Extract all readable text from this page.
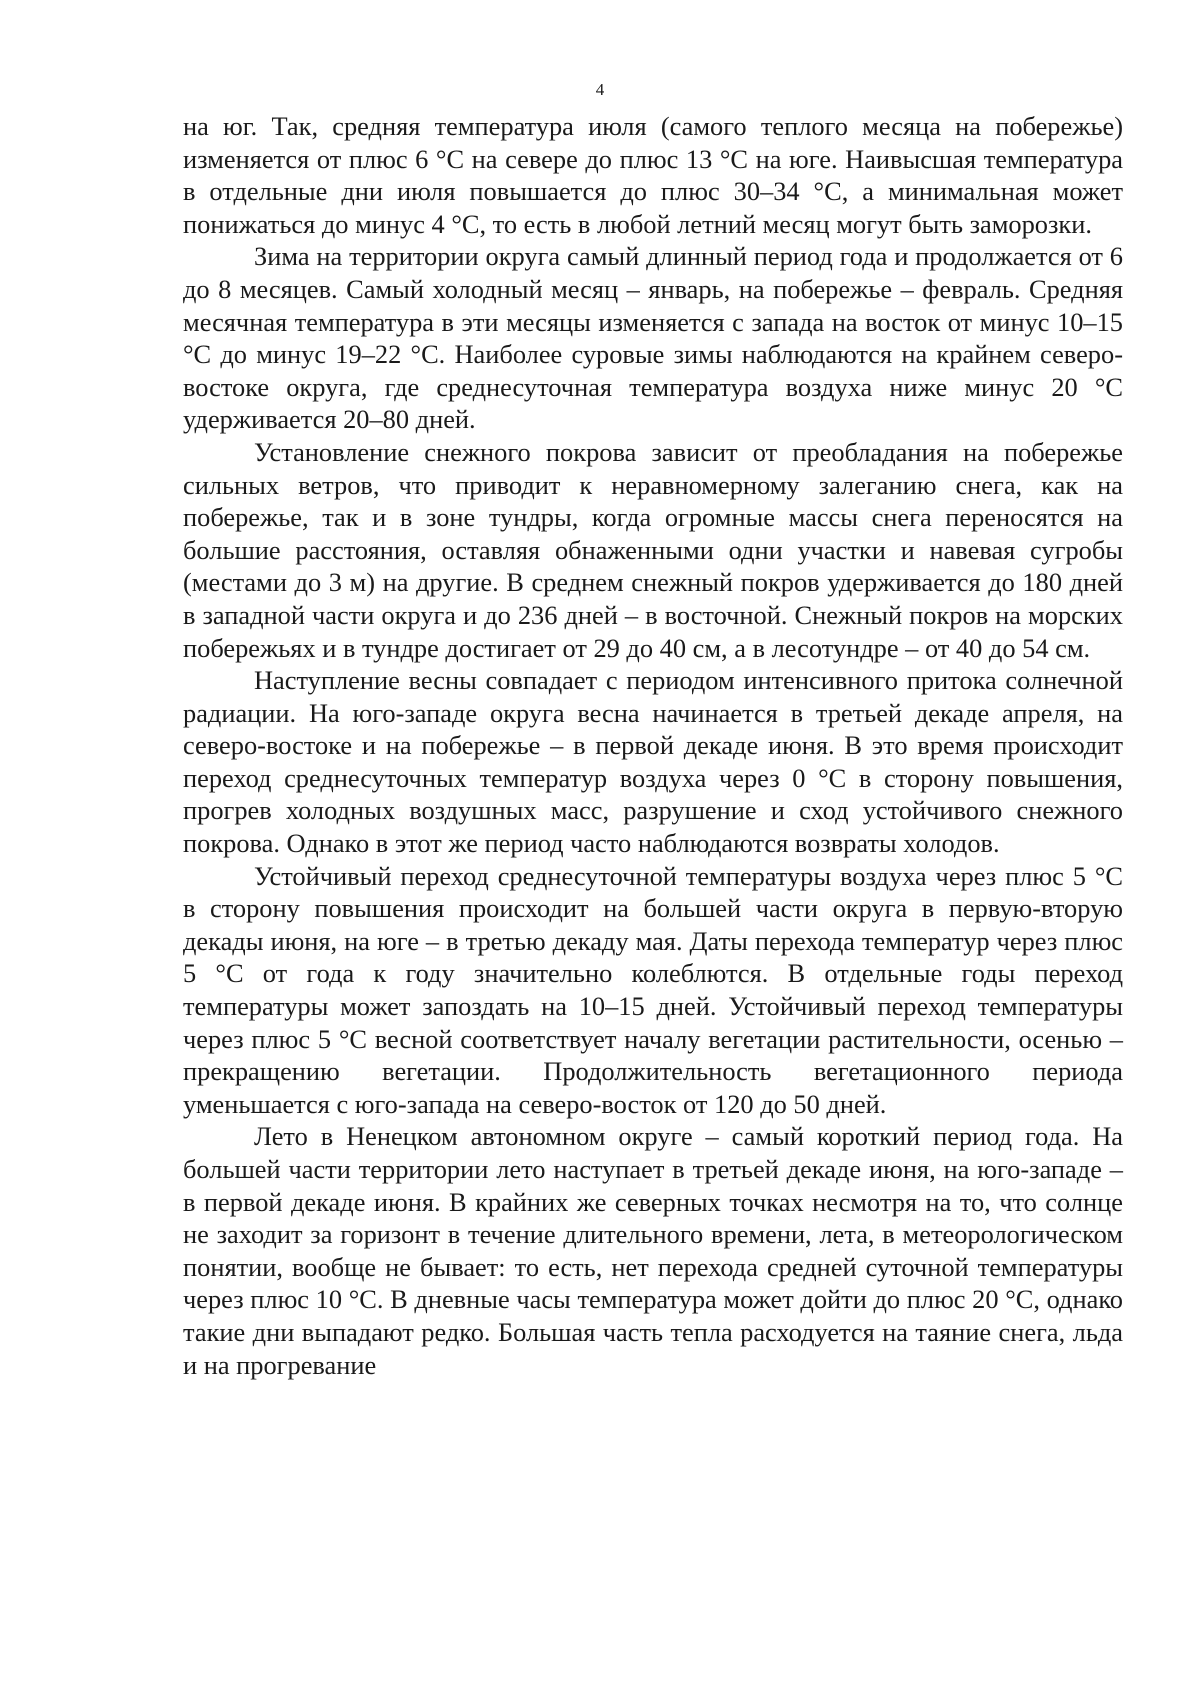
4

на юг. Так, средняя температура июля (самого теплого месяца на побережье) изменяется от плюс 6 °C на севере до плюс 13 °C на юге. Наивысшая температура в отдельные дни июля повышается до плюс 30–34 °C, а минимальная может понижаться до минус 4 °C, то есть в любой летний месяц могут быть заморозки.

Зима на территории округа самый длинный период года и продолжается от 6 до 8 месяцев. Самый холодный месяц – январь, на побережье – февраль. Средняя месячная температура в эти месяцы изменяется с запада на восток от минус 10–15 °C до минус 19–22 °C. Наиболее суровые зимы наблюдаются на крайнем северо-востоке округа, где среднесуточная температура воздуха ниже минус 20 °C удерживается 20–80 дней.

Установление снежного покрова зависит от преобладания на побережье сильных ветров, что приводит к неравномерному залеганию снега, как на побережье, так и в зоне тундры, когда огромные массы снега переносятся на большие расстояния, оставляя обнаженными одни участки и навевая сугробы (местами до 3 м) на другие. В среднем снежный покров удерживается до 180 дней в западной части округа и до 236 дней – в восточной. Снежный покров на морских побережьях и в тундре достигает от 29 до 40 см, а в лесотундре – от 40 до 54 см.

Наступление весны совпадает с периодом интенсивного притока солнечной радиации. На юго-западе округа весна начинается в третьей декаде апреля, на северо-востоке и на побережье – в первой декаде июня. В это время происходит переход среднесуточных температур воздуха через 0 °C в сторону повышения, прогрев холодных воздушных масс, разрушение и сход устойчивого снежного покрова. Однако в этот же период часто наблюдаются возвраты холодов.

Устойчивый переход среднесуточной температуры воздуха через плюс 5 °C в сторону повышения происходит на большей части округа в первую-вторую декады июня, на юге – в третью декаду мая. Даты перехода температур через плюс 5 °C от года к году значительно колеблются. В отдельные годы переход температуры может запоздать на 10–15 дней. Устойчивый переход температуры через плюс 5 °C весной соответствует началу вегетации растительности, осенью – прекращению вегетации. Продолжительность вегетационного периода уменьшается с юго-запада на северо-восток от 120 до 50 дней.

Лето в Ненецком автономном округе – самый короткий период года. На большей части территории лето наступает в третьей декаде июня, на юго-западе – в первой декаде июня. В крайних же северных точках несмотря на то, что солнце не заходит за горизонт в течение длительного времени, лета, в метеорологическом понятии, вообще не бывает: то есть, нет перехода средней суточной температуры через плюс 10 °C. В дневные часы температура может дойти до плюс 20 °C, однако такие дни выпадают редко. Большая часть тепла расходуется на таяние снега, льда и на прогревание
